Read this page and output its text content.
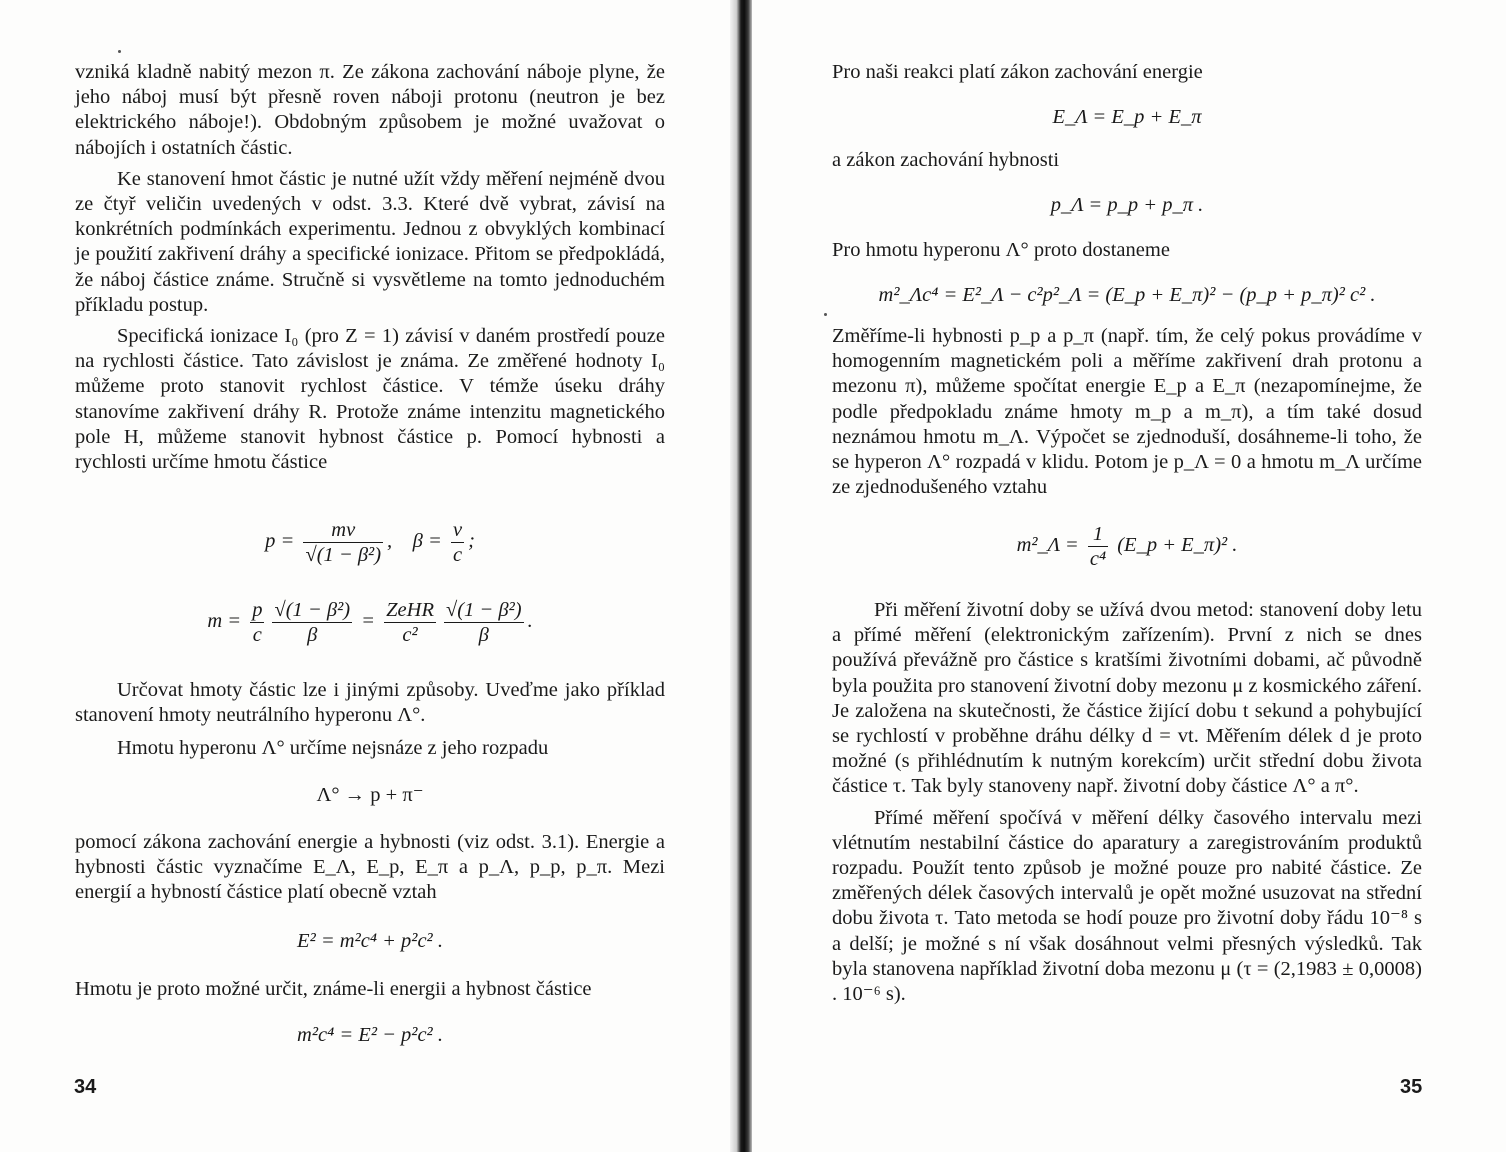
vzniká kladně nabitý mezon π. Ze zákona zachování náboje plyne, že jeho náboj musí být přesně roven náboji protonu (neutron je bez elektrického náboje!). Obdobným způsobem je možné uvažovat o nábojích i ostatních částic.

Ke stanovení hmot částic je nutné užít vždy měření nejméně dvou ze čtyř veličin uvedených v odst. 3.3. Které dvě vybrat, závisí na konkrétních podmínkách experimentu. Jednou z obvyklých kombinací je použití zakřivení dráhy a specifické ionizace. Přitom se předpokládá, že náboj částice známe. Stručně si vysvětleme na tomto jednoduchém příkladu postup.

Specifická ionizace I₀ (pro Z = 1) závisí v daném prostředí pouze na rychlosti částice. Tato závislost je známa. Ze změřené hodnoty I₀ můžeme proto stanovit rychlost částice. V témže úseku dráhy stanovíme zakřivení dráhy R. Protože známe intenzitu magnetického pole H, můžeme stanovit hybnost částice p. Pomocí hybnosti a rychlosti určíme hmotu částice

$p = \frac{mv}{\text{√(1 − β²)}}$ ,    $\beta = \frac{v}{c}$ ;
$m = \frac{p}{c} \frac{\text{√(1 − β²)}}{\beta} = \frac{\text{ZeHR}}{\text{c²}} \frac{\text{√(1 − β²)}}{\beta}$ .

Určovat hmoty částic lze i jinými způsoby. Uveďme jako příklad stanovení hmoty neutrálního hyperonu Λ°.

Hmotu hyperonu Λ° určíme nejsnáze z jeho rozpadu

Λ° → p + π⁻

pomocí zákona zachování energie a hybnosti (viz odst. 3.1). Energie a hybnosti částic vyznačíme E_Λ, E_p, E_π a p_Λ, p_p, p_π. Mezi energií a hybností částice platí obecně vztah

E² = m²c⁴ + p²c² .

Hmotu je proto možné určit, známe-li energii a hybnost částice

m²c⁴ = E² − p²c² .
34

Pro naši reakci platí zákon zachování energie

E_Λ = E_p + E_π

a zákon zachování hybnosti

p_Λ = p_p + p_π .

Pro hmotu hyperonu Λ° proto dostaneme

m²_Λc⁴ = E²_Λ − c²p²_Λ = (E_p + E_π)² − (p_p + p_π)² c² .

Změříme-li hybnosti p_p a p_π (např. tím, že celý pokus provádíme v homogenním magnetickém poli a měříme zakřivení drah protonu a mezonu π), můžeme spočítat energie E_p a E_π (nezapomínejme, že podle předpokladu známe hmoty m_p a m_π), a tím také dosud neznámou hmotu m_Λ. Výpočet se zjednoduší, dosáhneme-li toho, že se hyperon Λ° rozpadá v klidu. Potom je p_Λ = 0 a hmotu m_Λ určíme ze zjednodušeného vztahu

m²_Λ = $\frac{1}{\text{c⁴}}$ (E_p + E_π)² .

Při měření životní doby se užívá dvou metod: stanovení doby letu a přímé měření (elektronickým zařízením). První z nich se dnes používá převážně pro částice s kratšími životními dobami, ač původně byla použita pro stanovení životní doby mezonu μ z kosmického záření. Je založena na skutečnosti, že částice žijící dobu t sekund a pohybující se rychlostí v proběhne dráhu délky d = vt. Měřením délek d je proto možné (s přihlédnutím k nutným korekcím) určit střední dobu života částice τ. Tak byly stanoveny např. životní doby částice Λ° a π°.

Přímé měření spočívá v měření délky časového intervalu mezi vlétnutím nestabilní částice do aparatury a zaregistrováním produktů rozpadu. Použít tento způsob je možné pouze pro nabité částice. Ze změřených délek časových intervalů je opět možné usuzovat na střední dobu života τ. Tato metoda se hodí pouze pro životní doby řádu 10⁻⁸ s a delší; je možné s ní však dosáhnout velmi přesných výsledků. Tak byla stanovena například životní doba mezonu μ (τ = (2,1983 ± 0,0008) . 10⁻⁶ s).

35
